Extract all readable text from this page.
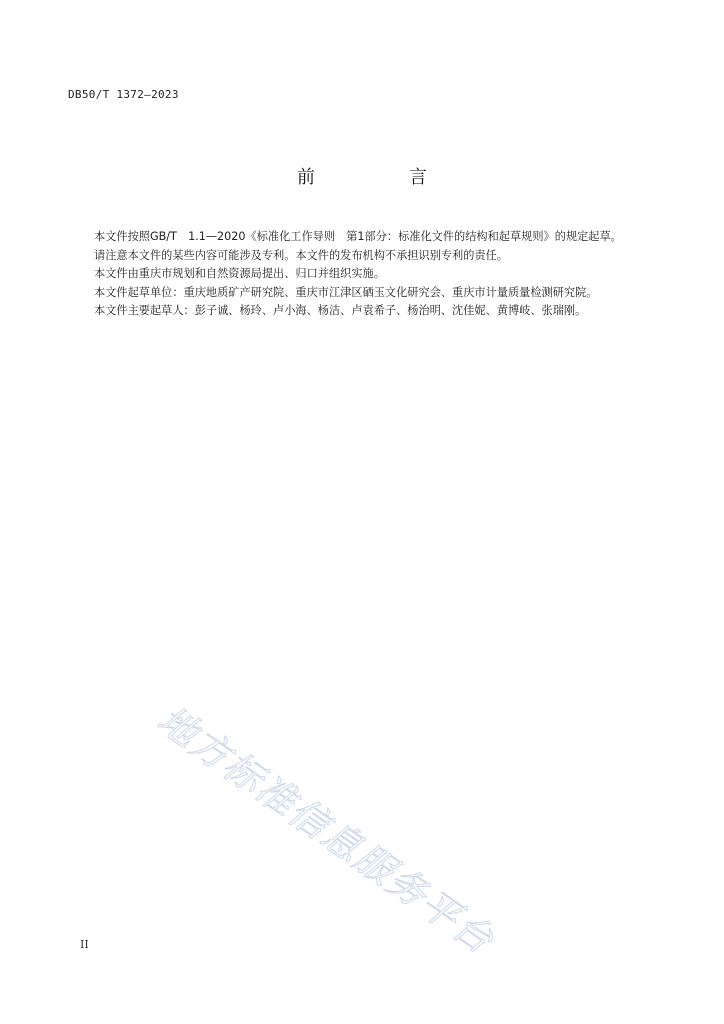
DB50/T 1372—2023
前　言

本文件按照GB/T　1.1—2020《标准化工作导则　第1部分：标准化文件的结构和起草规则》的规定起草。

请注意本文件的某些内容可能涉及专利。本文件的发布机构不承担识别专利的责任。

本文件由重庆市规划和自然资源局提出、归口并组织实施。

本文件起草单位：重庆地质矿产研究院、重庆市江津区硒玉文化研究会、重庆市计量质量检测研究院。

本文件主要起草人：彭子诚、杨玲、卢小海、杨洁、卢袁希子、杨治明、沈佳妮、黄博岐、张瑞刚。

地方标准信息服务平台
II
